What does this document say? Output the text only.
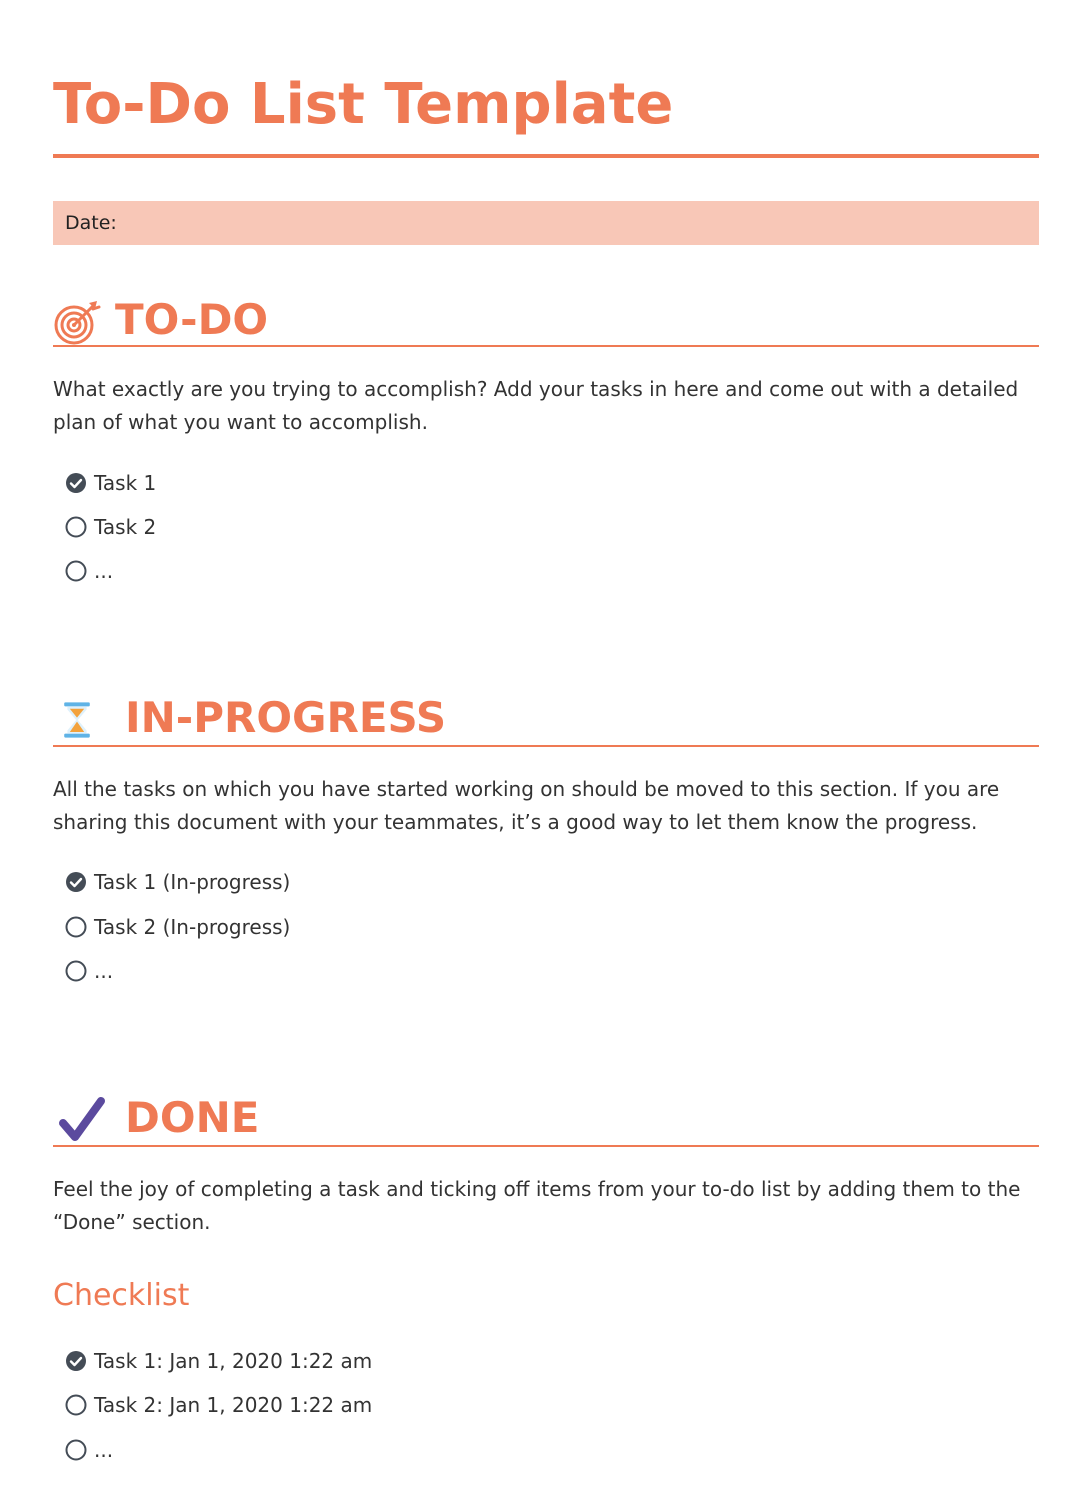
To-Do List Template
Date:
TO-DO
What exactly are you trying to accomplish? Add your tasks in here and come out with a detailed plan of what you want to accomplish.
Task 1
Task 2
...
IN-PROGRESS
All the tasks on which you have started working on should be moved to this section. If you are sharing this document with your teammates, it’s a good way to let them know the progress.
Task 1 (In-progress)
Task 2 (In-progress)
...
DONE
Feel the joy of completing a task and ticking off items from your to-do list by adding them to the “Done” section.
Checklist
Task 1: Jan 1, 2020 1:22 am
Task 2: Jan 1, 2020 1:22 am
...
